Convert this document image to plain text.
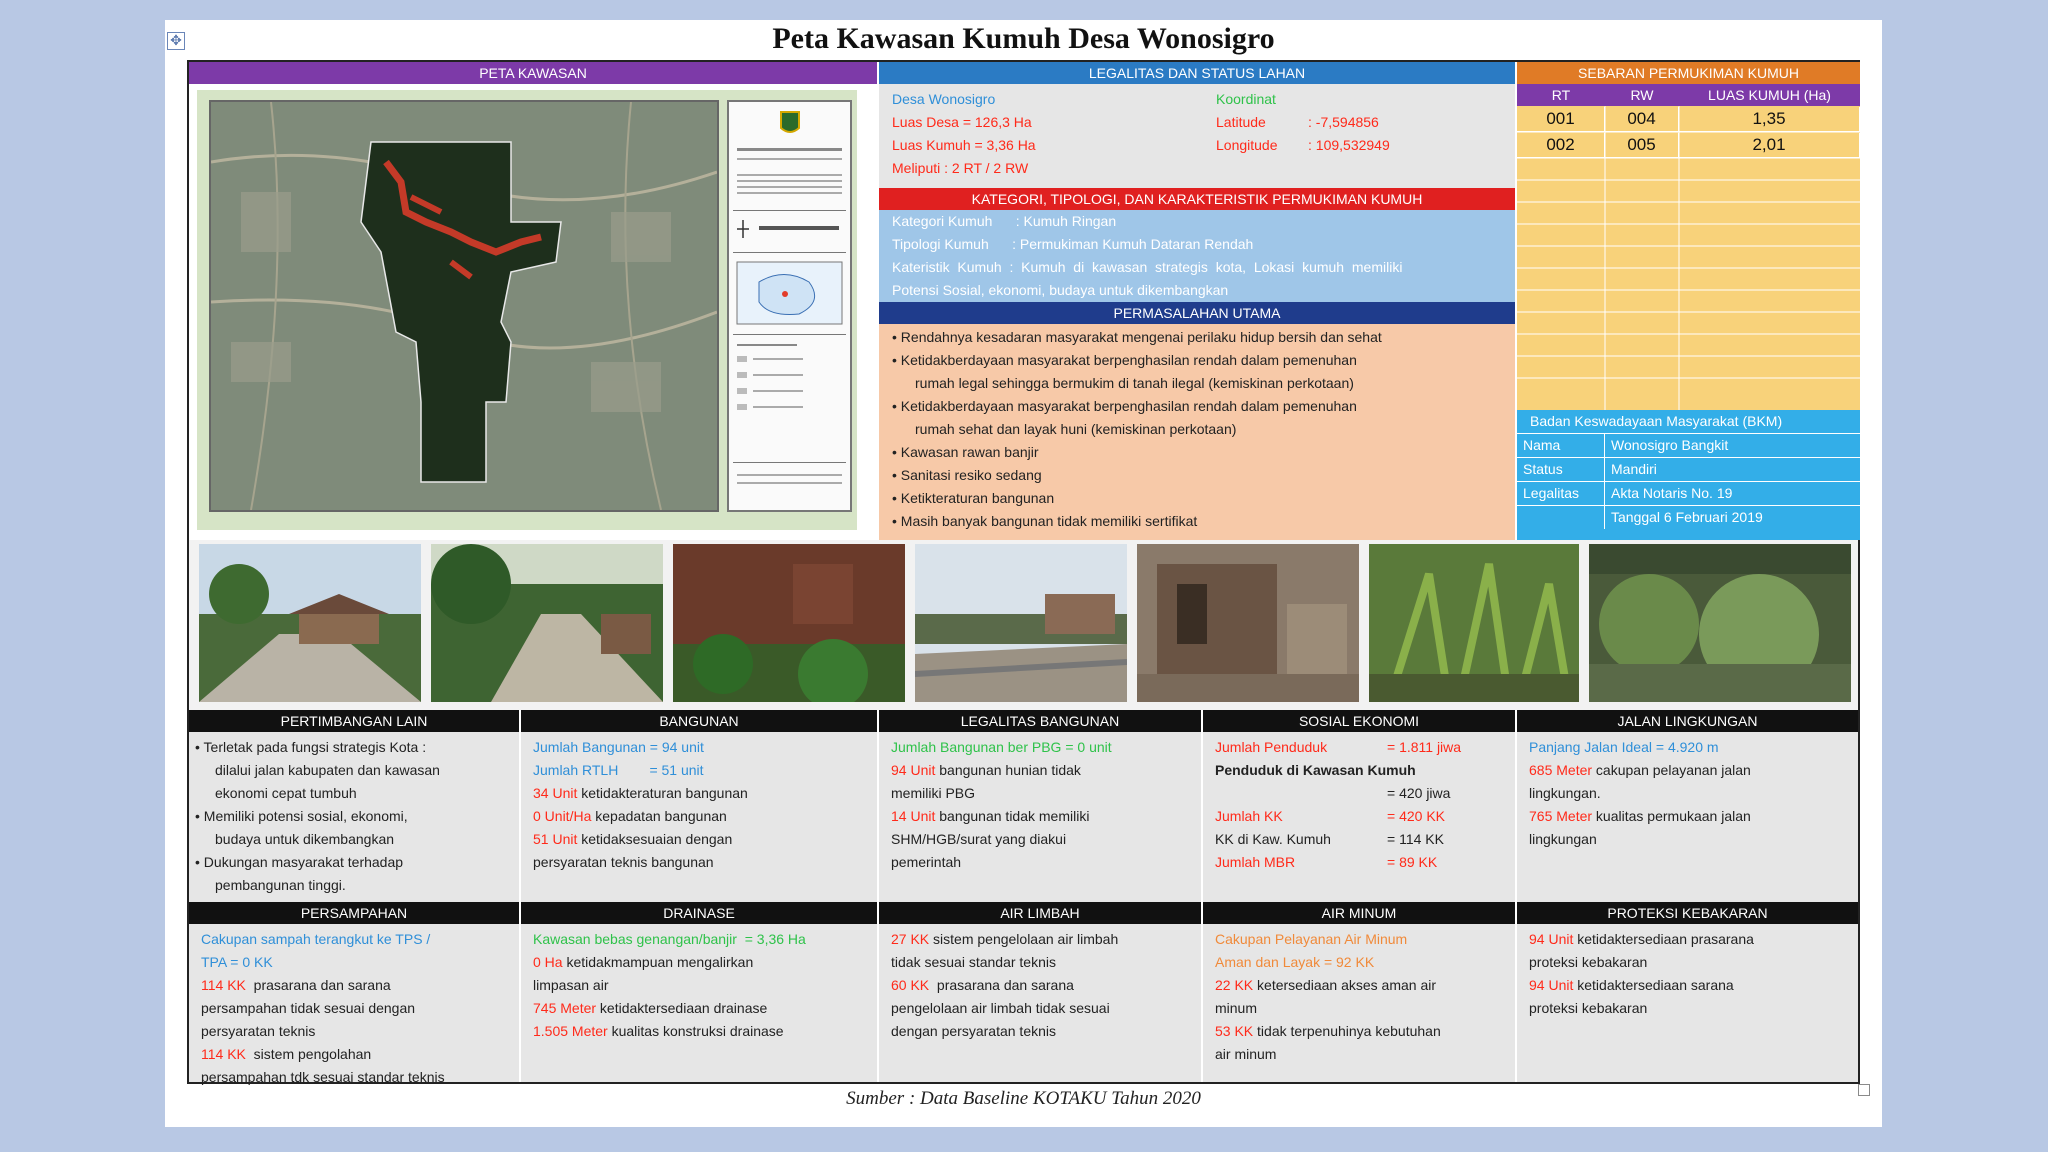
✥	Peta Kawasan Kumuh Desa Wonosigro
PETA KAWASAN	LEGALITAS DAN STATUS LAHAN
Desa Wonosigro
Luas Desa = 126,3 Ha
Luas Kumuh = 3,36 Ha
Meliputi : 2 RT / 2 RW
Koordinat
Latitude	: -7,594856
Longitude : 109,532949
KATEGORI, TIPOLOGI, DAN KARAKTERISTIK PERMUKIMAN KUMUH
Kategori Kumuh      : Kumuh Ringan
Tipologi Kumuh      : Permukiman Kumuh Dataran Rendah
Kateristik  Kumuh  :  Kumuh  di  kawasan  strategis  kota,  Lokasi  kumuh  memiliki
Potensi Sosial, ekonomi, budaya untuk dikembangkan
PERMASALAHAN UTAMA
• Rendahnya kesadaran masyarakat mengenai perilaku hidup bersih dan sehat
• Ketidakberdayaan masyarakat berpenghasilan rendah dalam pemenuhan
rumah legal sehingga bermukim di tanah ilegal (kemiskinan perkotaan)
• Ketidakberdayaan masyarakat berpenghasilan rendah dalam pemenuhan
rumah sehat dan layak huni (kemiskinan perkotaan)
• Kawasan rawan banjir
• Sanitasi resiko sedang
• Ketikteraturan bangunan
• Masih banyak bangunan tidak memiliki sertifikat
SEBARAN PERMUKIMAN KUMUH
RT	RW	LUAS KUMUH (Ha)
001	004	1,35
002	005	2,01
Badan Keswadayaan Masyarakat (BKM)
Nama	Wonosigro Bangkit
Status	Mandiri
Legalitas Akta Notaris No. 19
Tanggal 6 Februari 2019
PERTIMBANGAN LAIN	BANGUNAN	LEGALITAS BANGUNAN	SOSIAL EKONOMI	JALAN LINGKUNGAN
• Terletak pada fungsi strategis Kota :
dilalui jalan kabupaten dan kawasan
ekonomi cepat tumbuh
• Memiliki potensi sosial, ekonomi,
budaya untuk dikembangkan
• Dukungan masyarakat terhadap
pembangunan tinggi.
Jumlah Bangunan = 94 unit
Jumlah RTLH        = 51 unit
34 Unit ketidakteraturan bangunan
0 Unit/Ha kepadatan bangunan
51 Unit ketidaksesuaian dengan
persyaratan teknis bangunan
Jumlah Bangunan ber PBG = 0 unit
94 Unit bangunan hunian tidak
memiliki PBG
14 Unit bangunan tidak memiliki
SHM/HGB/surat yang diakui
pemerintah
Jumlah Penduduk	= 1.811 jiwa
Penduduk di Kawasan Kumuh
= 420 jiwa
Jumlah KK	= 420 KK
KK di Kaw. Kumuh	= 114 KK
Jumlah MBR	= 89 KK
Panjang Jalan Ideal = 4.920 m
685 Meter cakupan pelayanan jalan
lingkungan.
765 Meter kualitas permukaan jalan
lingkungan
PERSAMPAHAN	DRAINASE	AIR LIMBAH	AIR MINUM	PROTEKSI KEBAKARAN
Cakupan sampah terangkut ke TPS /
TPA = 0 KK
114 KK  prasarana dan sarana
persampahan tidak sesuai dengan
persyaratan teknis
114 KK  sistem pengolahan
persampahan tdk sesuai standar teknis
Kawasan bebas genangan/banjir  = 3,36 Ha
0 Ha ketidakmampuan mengalirkan
limpasan air
745 Meter ketidaktersediaan drainase
1.505 Meter kualitas konstruksi drainase
27 KK sistem pengelolaan air limbah
tidak sesuai standar teknis
60 KK  prasarana dan sarana
pengelolaan air limbah tidak sesuai
dengan persyaratan teknis
Cakupan Pelayanan Air Minum
Aman dan Layak = 92 KK
22 KK ketersediaan akses aman air
minum
53 KK tidak terpenuhinya kebutuhan
air minum
94 Unit ketidaktersediaan prasarana
proteksi kebakaran
94 Unit ketidaktersediaan sarana
proteksi kebakaran
Sumber : Data Baseline KOTAKU Tahun 2020
